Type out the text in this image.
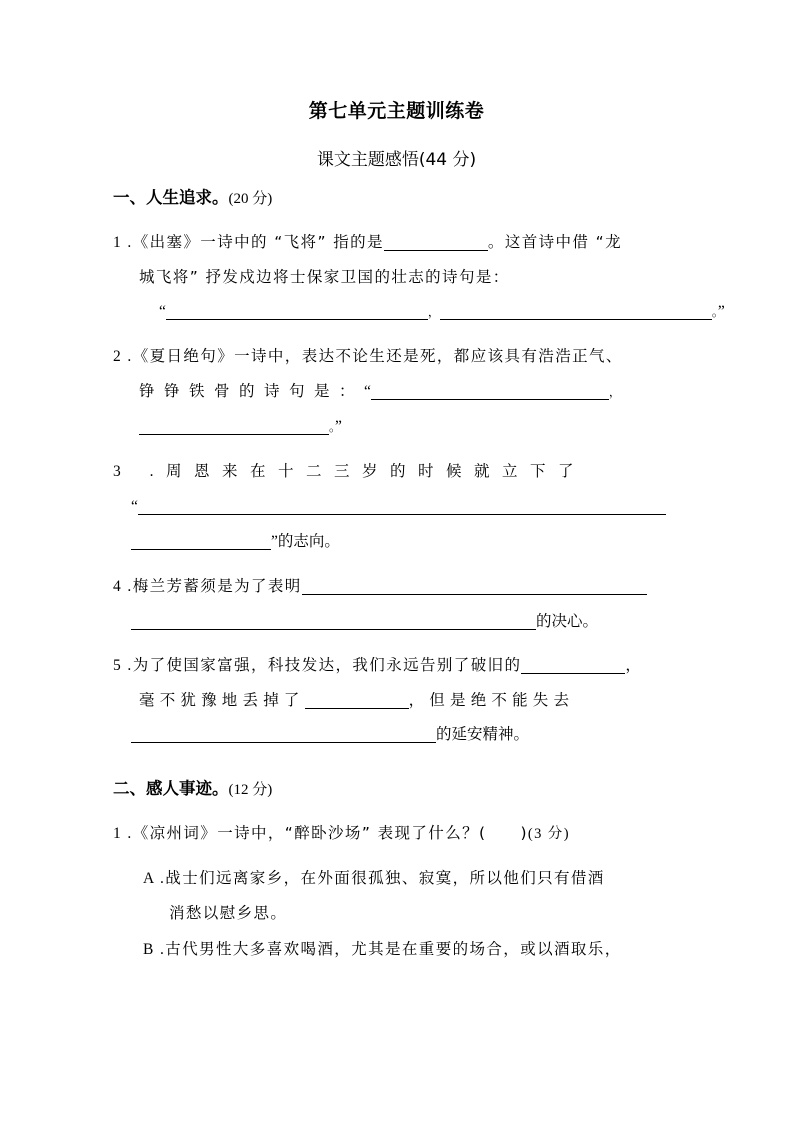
第七单元主题训练卷
课文主题感悟(44 分)

一、人生追求。(20 分)

1 .《出塞》一诗中的 “飞将” 指的是	。这首诗中借 “龙
城飞将” 抒发戍边将士保家卫国的壮志的诗句是：
“	，	。”
2 .《夏日绝句》一诗中，表达不论生还是死，都应该具有浩浩正气、
铮铮铁骨的诗句是：“	，
。”
3 .周恩来在十二三岁的时候就立下了
“
”的志向。
4 .梅兰芳蓄须是为了表明
的决心。
5 .为了使国家富强，科技发达，我们永远告别了破旧的	，
毫不犹豫地丢掉了	，但是绝不能失去
的延安精神。

二、感人事迹。(12 分)

1 .《凉州词》一诗中，“醉卧沙场” 表现了什么？( )(3 分)
A .战士们远离家乡，在外面很孤独、寂寞，所以他们只有借酒
消愁以慰乡思。
B .古代男性大多喜欢喝酒，尤其是在重要的场合，或以酒取乐，
